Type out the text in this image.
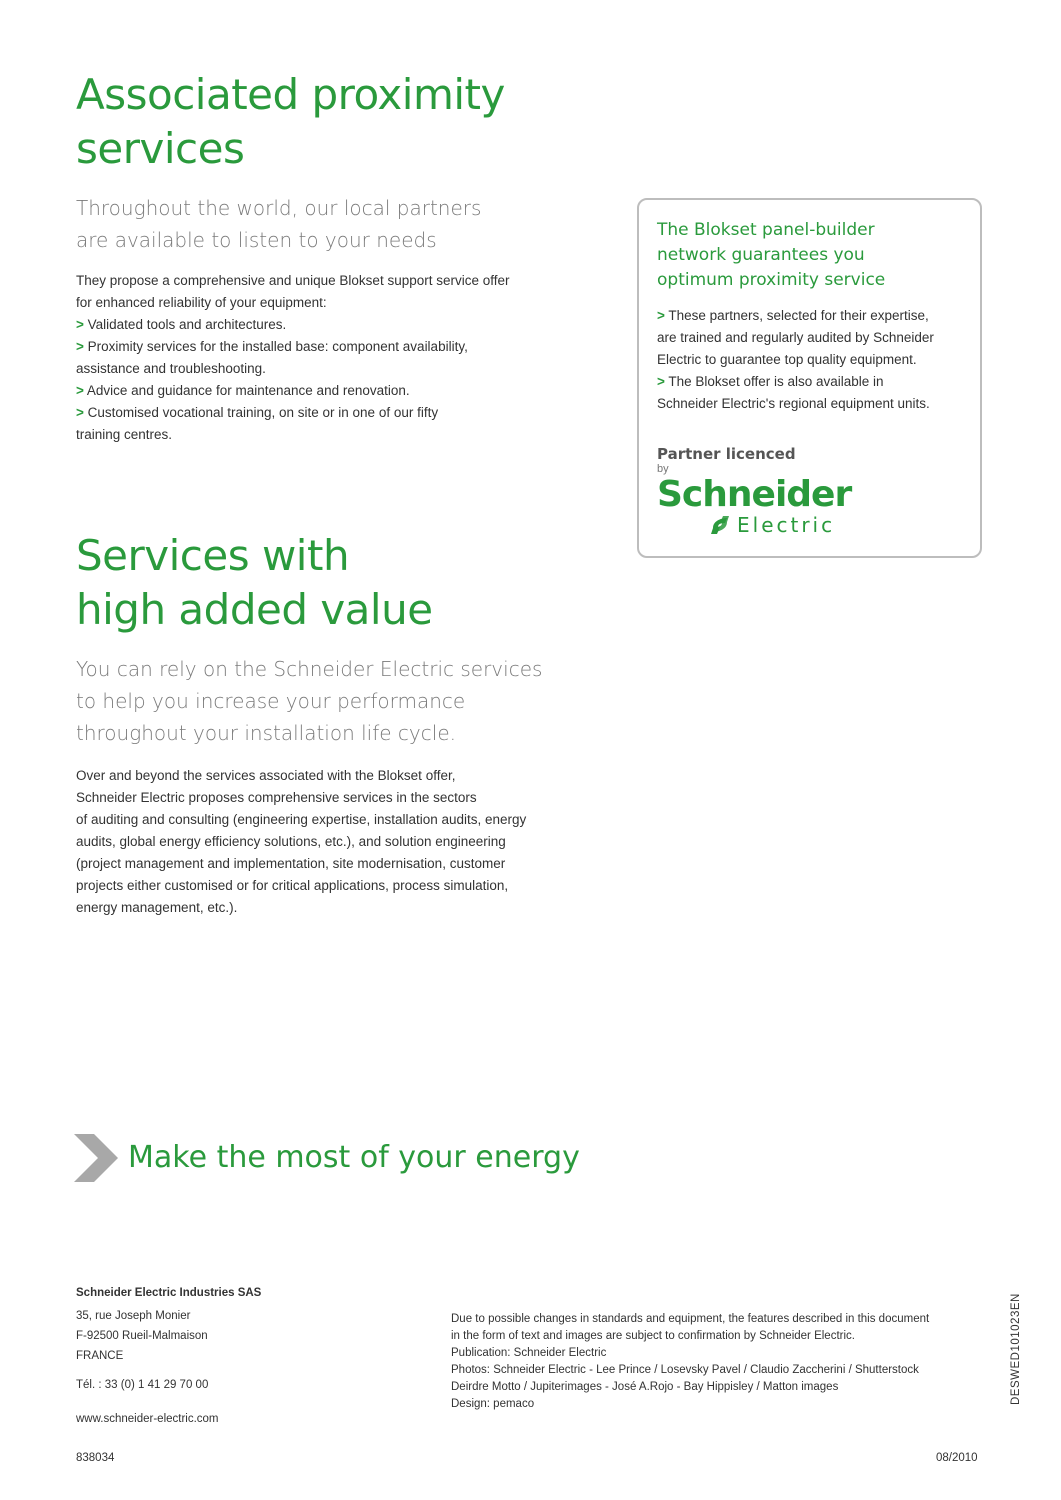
Associated proximity
services
Throughout the world, our local partners
are available to listen to your needs

They propose a comprehensive and unique Blokset support service offer

for enhanced reliability of your equipment:

> Validated tools and architectures.

> Proximity services for the installed base: component availability,
assistance and troubleshooting.

> Advice and guidance for maintenance and renovation.

> Customised vocational training, on site or in one of our fifty
training centres.

The Blokset panel-builder
network guarantees you
optimum proximity service

> These partners, selected for their expertise,
are trained and regularly audited by Schneider
Electric to guarantee top quality equipment.

> The Blokset offer is also available in
Schneider Electric's regional equipment units.

Partner licenced
by
Schneider
Electric
Services with
high added value
You can rely on the Schneider Electric services
to help you increase your performance
throughout your installation life cycle.

Over and beyond the services associated with the Blokset offer,

Schneider Electric proposes comprehensive services in the sectors

of auditing and consulting (engineering expertise, installation audits, energy

audits, global energy efficiency solutions, etc.), and solution engineering

(project management and implementation, site modernisation, customer

projects either customised or for critical applications, process simulation,

energy management, etc.).

Make the most of your energy
Schneider Electric Industries SAS

35, rue Joseph Monier

F-92500 Rueil-Malmaison

FRANCE

Tél. : 33 (0) 1 41 29 70 00
www.schneider-electric.com

Due to possible changes in standards and equipment, the features described in this document

in the form of text and images are subject to confirmation by Schneider Electric.

Publication: Schneider Electric

Photos: Schneider Electric - Lee Prince / Losevsky Pavel / Claudio Zaccherini / Shutterstock

Deirdre Motto / Jupiterimages - José A.Rojo - Bay Hippisley / Matton images

Design: pemaco	DESWED101023EN
838034	08/2010
